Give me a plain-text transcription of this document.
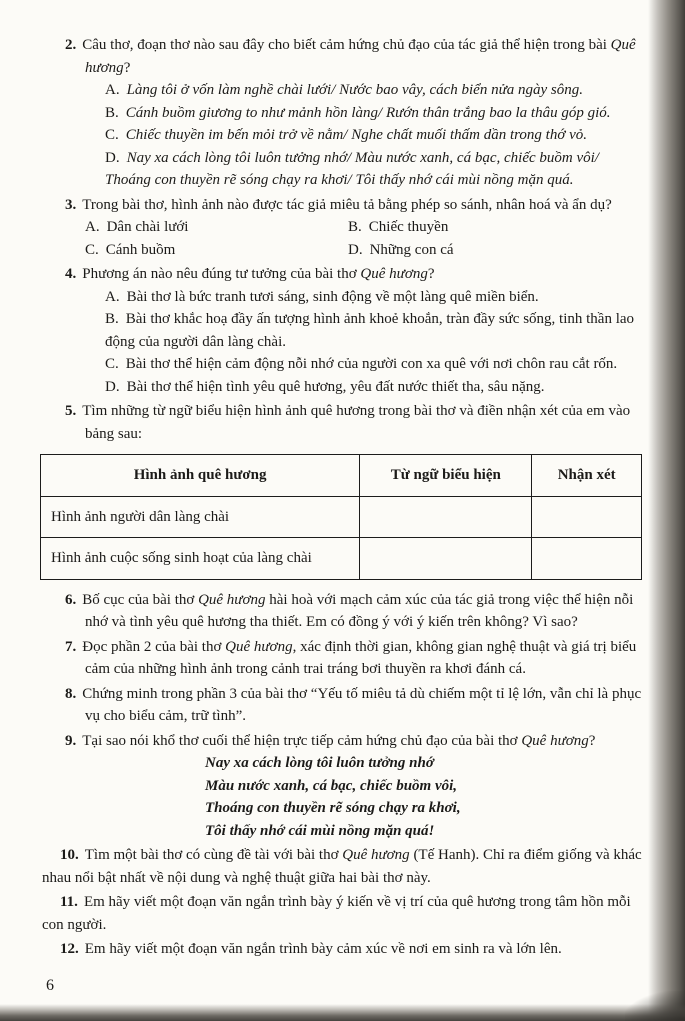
2. Câu thơ, đoạn thơ nào sau đây cho biết cảm hứng chủ đạo của tác giả thể hiện trong bài Quê hương?
A. Làng tôi ở vốn làm nghề chài lưới/ Nước bao vây, cách biển nửa ngày sông.
B. Cánh buồm giương to như mảnh hồn làng/ Rướn thân trắng bao la thâu góp gió.
C. Chiếc thuyền im bến mỏi trở về nằm/ Nghe chất muối thấm dần trong thớ vỏ.
D. Nay xa cách lòng tôi luôn tưởng nhớ/ Màu nước xanh, cá bạc, chiếc buồm vôi/ Thoáng con thuyền rẽ sóng chạy ra khơi/ Tôi thấy nhớ cái mùi nồng mặn quá.
3. Trong bài thơ, hình ảnh nào được tác giả miêu tả bằng phép so sánh, nhân hoá và ẩn dụ?
A. Dân chài lưới	B. Chiếc thuyền
C. Cánh buồm	D. Những con cá
4. Phương án nào nêu đúng tư tưởng của bài thơ Quê hương?
A. Bài thơ là bức tranh tươi sáng, sinh động về một làng quê miền biển.
B. Bài thơ khắc hoạ đầy ấn tượng hình ảnh khoẻ khoắn, tràn đầy sức sống, tinh thần lao động của người dân làng chài.
C. Bài thơ thể hiện cảm động nỗi nhớ của người con xa quê với nơi chôn rau cắt rốn.
D. Bài thơ thể hiện tình yêu quê hương, yêu đất nước thiết tha, sâu nặng.
5. Tìm những từ ngữ biểu hiện hình ảnh quê hương trong bài thơ và điền nhận xét của em vào bảng sau:
Hình ảnh quê hương	Từ ngữ biểu hiện	Nhận xét
Hình ảnh người dân làng chài		
Hình ảnh cuộc sống sinh hoạt của làng chài		
6. Bố cục của bài thơ Quê hương hài hoà với mạch cảm xúc của tác giả trong việc thể hiện nỗi nhớ và tình yêu quê hương tha thiết. Em có đồng ý với ý kiến trên không? Vì sao?
7. Đọc phần 2 của bài thơ Quê hương, xác định thời gian, không gian nghệ thuật và giá trị biểu cảm của những hình ảnh trong cảnh trai tráng bơi thuyền ra khơi đánh cá.
8. Chứng minh trong phần 3 của bài thơ “Yếu tố miêu tả dù chiếm một tỉ lệ lớn, vẫn chỉ là phục vụ cho biểu cảm, trữ tình”.
9. Tại sao nói khổ thơ cuối thể hiện trực tiếp cảm hứng chủ đạo của bài thơ Quê hương?
Nay xa cách lòng tôi luôn tưởng nhớ
Màu nước xanh, cá bạc, chiếc buồm vôi,
Thoáng con thuyền rẽ sóng chạy ra khơi,
Tôi thấy nhớ cái mùi nồng mặn quá!
10. Tìm một bài thơ có cùng đề tài với bài thơ Quê hương (Tế Hanh). Chỉ ra điểm giống và khác nhau nổi bật nhất về nội dung và nghệ thuật giữa hai bài thơ này.
11. Em hãy viết một đoạn văn ngắn trình bày ý kiến về vị trí của quê hương trong tâm hồn mỗi con người.
12. Em hãy viết một đoạn văn ngắn trình bày cảm xúc về nơi em sinh ra và lớn lên.
6
